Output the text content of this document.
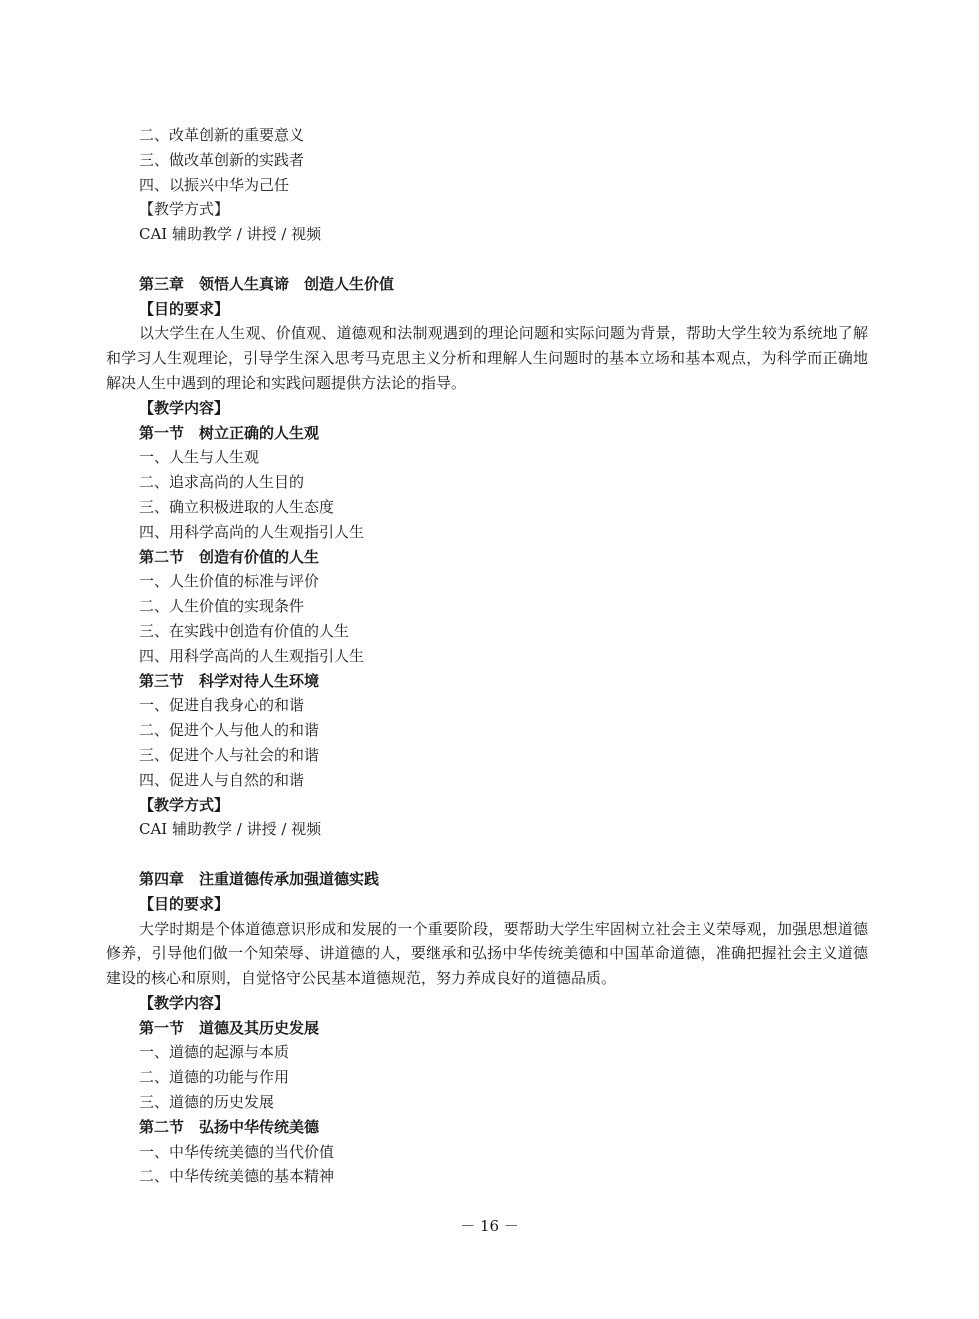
二、改革创新的重要意义
三、做改革创新的实践者
四、以振兴中华为己任
【教学方式】
CAI 辅助教学 / 讲授 / 视频
第三章　领悟人生真谛　创造人生价值
【目的要求】

以大学生在人生观、价值观、道德观和法制观遇到的理论问题和实际问题为背景，帮助大学生较为系统地了解和学习人生观理论，引导学生深入思考马克思主义分析和理解人生问题时的基本立场和基本观点，为科学而正确地解决人生中遇到的理论和实践问题提供方法论的指导。

【教学内容】
第一节　树立正确的人生观
一、人生与人生观
二、追求高尚的人生目的
三、确立积极进取的人生态度
四、用科学高尚的人生观指引人生
第二节　创造有价值的人生
一、人生价值的标准与评价
二、人生价值的实现条件
三、在实践中创造有价值的人生
四、用科学高尚的人生观指引人生
第三节　科学对待人生环境
一、促进自我身心的和谐
二、促进个人与他人的和谐
三、促进个人与社会的和谐
四、促进人与自然的和谐
【教学方式】
CAI 辅助教学 / 讲授 / 视频
第四章　注重道德传承加强道德实践
【目的要求】

大学时期是个体道德意识形成和发展的一个重要阶段，要帮助大学生牢固树立社会主义荣辱观，加强思想道德修养，引导他们做一个知荣辱、讲道德的人，要继承和弘扬中华传统美德和中国革命道德，准确把握社会主义道德建设的核心和原则，自觉恪守公民基本道德规范，努力养成良好的道德品质。

【教学内容】
第一节　道德及其历史发展
一、道德的起源与本质
二、道德的功能与作用
三、道德的历史发展
第二节　弘扬中华传统美德
一、中华传统美德的当代价值
二、中华传统美德的基本精神
－ 16 －
